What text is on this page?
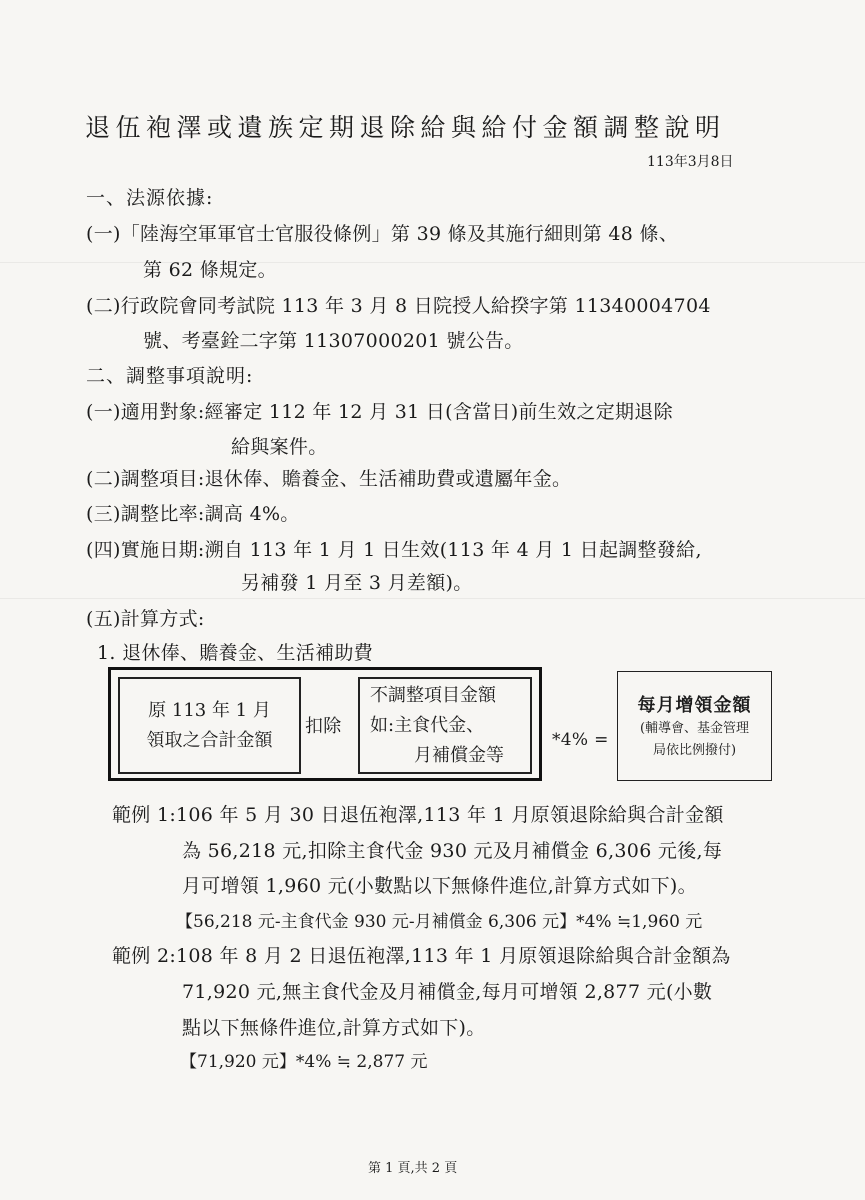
退伍袍澤或遺族定期退除給與給付金額調整說明
113年3月8日
一、法源依據:
(一)「陸海空軍軍官士官服役條例」第 39 條及其施行細則第 48 條、
第 62 條規定。
(二)行政院會同考試院 113 年 3 月 8 日院授人給揆字第 11340004704
號、考臺銓二字第 11307000201 號公告。
二、調整事項說明:
(一)適用對象:經審定 112 年 12 月 31 日(含當日)前生效之定期退除
給與案件。
(二)調整項目:退休俸、贍養金、生活補助費或遺屬年金。
(三)調整比率:調高 4%。
(四)實施日期:溯自 113 年 1 月 1 日生效(113 年 4 月 1 日起調整發給,
另補發 1 月至 3 月差額)。
(五)計算方式:
1. 退休俸、贍養金、生活補助費
原 113 年 1 月
領取之合計金額
扣除
不調整項目金額
如:主食代金、
月補償金等
*4% =
每月增領金額
(輔導會、基金管理
局依比例撥付)
範例 1:106 年 5 月 30 日退伍袍澤,113 年 1 月原領退除給與合計金額
為 56,218 元,扣除主食代金 930 元及月補償金 6,306 元後,每
月可增領 1,960 元(小數點以下無條件進位,計算方式如下)。
【56,218 元-主食代金 930 元-月補償金 6,306 元】*4% ≒1,960 元
範例 2:108 年 8 月 2 日退伍袍澤,113 年 1 月原領退除給與合計金額為
71,920 元,無主食代金及月補償金,每月可增領 2,877 元(小數
點以下無條件進位,計算方式如下)。
【71,920 元】*4% ≒ 2,877 元
第 1 頁,共 2 頁
